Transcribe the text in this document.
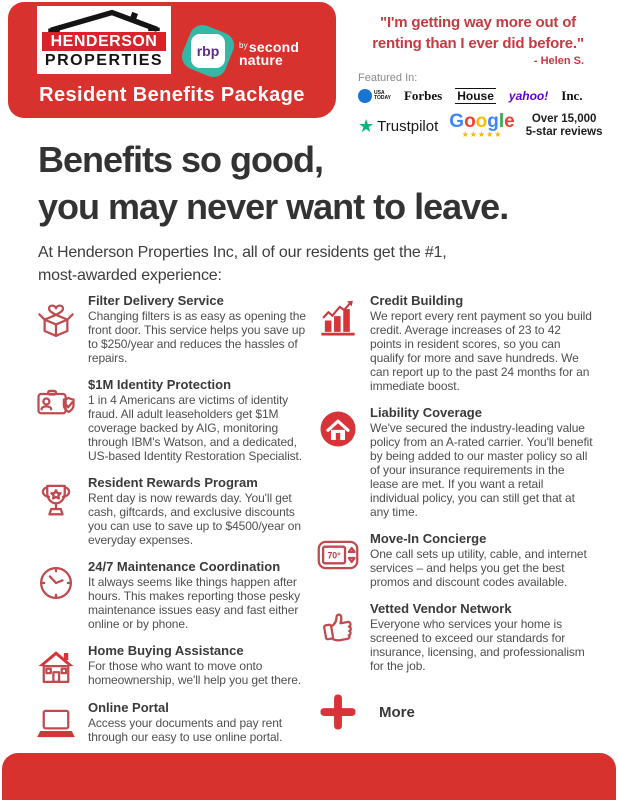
HENDERSON
PROPERTIES
rbp	$^{by}$second
nature
Resident Benefits Package
"I'm getting way more out of
renting than I ever did before."
- Helen S.
Featured In:
USA
TODAY Forbes House yahoo! Inc.
★ Trustpilot Google
★★★★★
Over 15,000
5-star reviews
Benefits so good,
you may never want to leave.
At Henderson Properties Inc, all of our residents get the #1,
most-awarded experience:
Filter Delivery Service
Changing filters is as easy as opening the front door. This service helps you save up to $250/year and reduces the hassles of repairs.
$1M Identity Protection
1 in 4 Americans are victims of identity fraud. All adult leaseholders get $1M coverage backed by AIG, monitoring through IBM's Watson, and a dedicated, US-based Identity Restoration Specialist.
Resident Rewards Program
Rent day is now rewards day. You'll get cash, giftcards, and exclusive discounts you can use to save up to $4500/year on everyday expenses.
24/7 Maintenance Coordination
It always seems like things happen after hours. This makes reporting those pesky maintenance issues easy and fast either online or by phone.
Home Buying Assistance
For those who want to move onto homeownership, we'll help you get there.
Online Portal
Access your documents and pay rent through our easy to use online portal.
Credit Building
We report every rent payment so you build credit. Average increases of 23 to 42 points in resident scores, so you can qualify for more and save hundreds. We can report up to the past 24 months for an immediate boost.
Liability Coverage
We've secured the industry-leading value policy from an A-rated carrier. You'll benefit by being added to our master policy so all of your insurance requirements in the lease are met. If you want a retail individual policy, you can still get that at any time.
70°
Move-In Concierge
One call sets up utility, cable, and internet services – and helps you get the best promos and discount codes available.
Vetted Vendor Network
Everyone who services your home is screened to exceed our standards for insurance, licensing, and professionalism for the job.
More
